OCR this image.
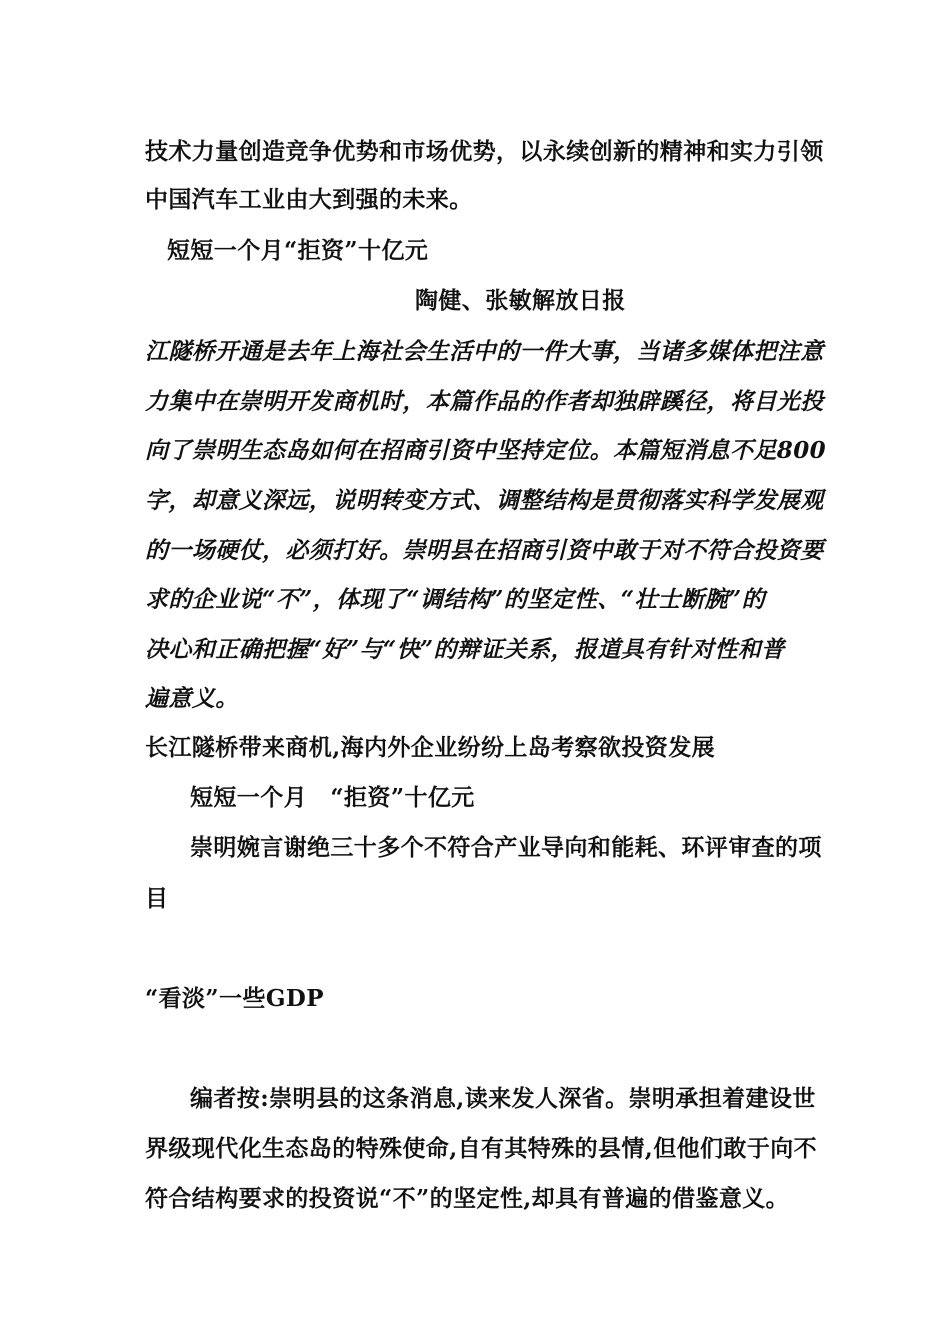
技术力量创造竞争优势和市场优势，以永续创新的精神和实力引领
中国汽车工业由大到强的未来。
短短一个月“拒资”十亿元
陶健、张敏解放日报
江隧桥开通是去年上海社会生活中的一件大事，当诸多媒体把注意
力集中在崇明开发商机时，本篇作品的作者却独辟蹊径，将目光投
向了崇明生态岛如何在招商引资中坚持定位。本篇短消息不足800
字，却意义深远，说明转变方式、调整结构是贯彻落实科学发展观
的一场硬仗，必须打好。崇明县在招商引资中敢于对不符合投资要
求的企业说“不”，体现了“调结构”的坚定性、“壮士断腕”的
决心和正确把握“好”与“快”的辩证关系，报道具有针对性和普
遍意义。
长江隧桥带来商机,海内外企业纷纷上岛考察欲投资发展
短短一个月　“拒资”十亿元
崇明婉言谢绝三十多个不符合产业导向和能耗、环评审查的项
目
“看淡”一些GDP
编者按:崇明县的这条消息,读来发人深省。崇明承担着建设世
界级现代化生态岛的特殊使命,自有其特殊的县情,但他们敢于向不
符合结构要求的投资说“不”的坚定性,却具有普遍的借鉴意义。
